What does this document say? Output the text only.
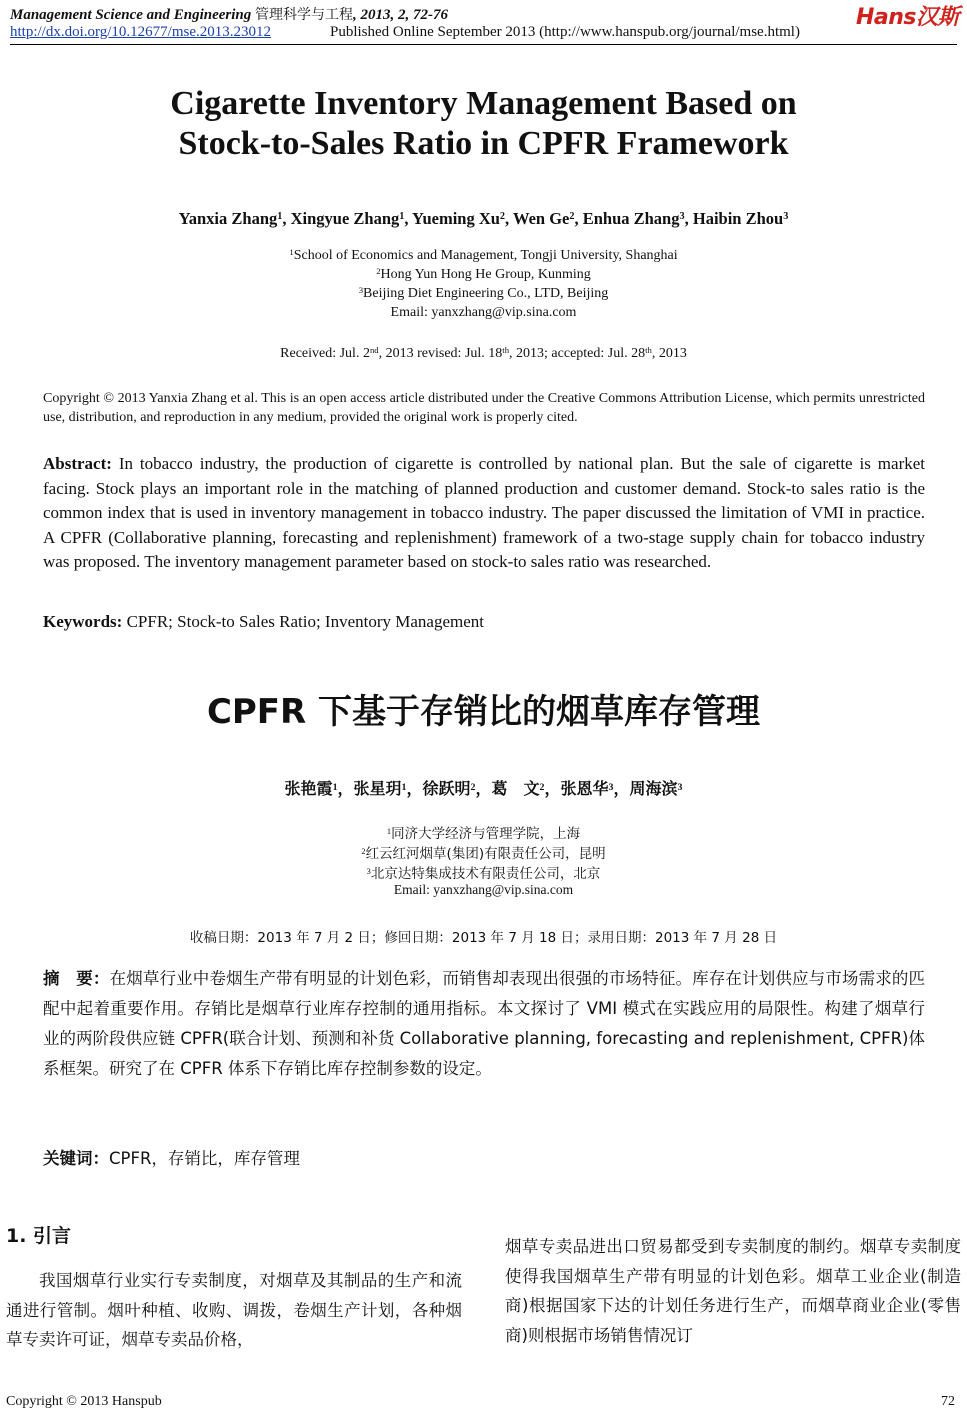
Management Science and Engineering 管理科学与工程, 2013, 2, 72-76	Hans汉斯
http://dx.doi.org/10.12677/mse.2013.23012	Published Online September 2013 (http://www.hanspub.org/journal/mse.html)
Cigarette Inventory Management Based on
Stock-to-Sales Ratio in CPFR Framework
Yanxia Zhang$^1$, Xingyue Zhang$^1$, Yueming Xu$^2$, Wen Ge$^2$, Enhua Zhang$^3$, Haibin Zhou$^3$
$^1$School of Economics and Management, Tongji University, Shanghai
$^2$Hong Yun Hong He Group, Kunming
$^3$Beijing Diet Engineering Co., LTD, Beijing
Email: yanxzhang@vip.sina.com
Received: Jul. 2nd, 2013 revised: Jul. 18th, 2013; accepted: Jul. 28th, 2013
Copyright © 2013 Yanxia Zhang et al. This is an open access article distributed under the Creative Commons Attribution License, which permits unrestricted use, distribution, and reproduction in any medium, provided the original work is properly cited.
Abstract: In tobacco industry, the production of cigarette is controlled by national plan. But the sale of cigarette is market facing. Stock plays an important role in the matching of planned production and customer demand. Stock-to sales ratio is the common index that is used in inventory management in tobacco industry. The paper discussed the limitation of VMI in practice. A CPFR (Collaborative planning, forecasting and replenishment) framework of a two-stage supply chain for tobacco industry was proposed. The inventory management parameter based on stock-to sales ratio was researched.
Keywords: CPFR; Stock-to Sales Ratio; Inventory Management
CPFR 下基于存销比的烟草库存管理
张艳霞$^1$，张星玥$^1$，徐跃明$^2$，葛　文$^2$，张恩华$^3$，周海滨$^3$
$^1$同济大学经济与管理学院，上海
$^2$红云红河烟草(集团)有限责任公司，昆明
$^3$北京达特集成技术有限责任公司，北京
Email: yanxzhang@vip.sina.com
收稿日期：2013 年 7 月 2 日；修回日期：2013 年 7 月 18 日；录用日期：2013 年 7 月 28 日
摘　要：在烟草行业中卷烟生产带有明显的计划色彩，而销售却表现出很强的市场特征。库存在计划供应与市场需求的匹配中起着重要作用。存销比是烟草行业库存控制的通用指标。本文探讨了 VMI 模式在实践应用的局限性。构建了烟草行业的两阶段供应链 CPFR(联合计划、预测和补货 Collaborative planning, forecasting and replenishment, CPFR)体系框架。研究了在 CPFR 体系下存销比库存控制参数的设定。
关键词：CPFR，存销比，库存管理
1. 引言
我国烟草行业实行专卖制度，对烟草及其制品的生产和流通进行管制。烟叶种植、收购、调拨，卷烟生产计划，各种烟草专卖许可证，烟草专卖品价格，
烟草专卖品进出口贸易都受到专卖制度的制约。烟草专卖制度使得我国烟草生产带有明显的计划色彩。烟草工业企业(制造商)根据国家下达的计划任务进行生产，而烟草商业企业(零售商)则根据市场销售情况订
Copyright © 2013 Hanspub	72
